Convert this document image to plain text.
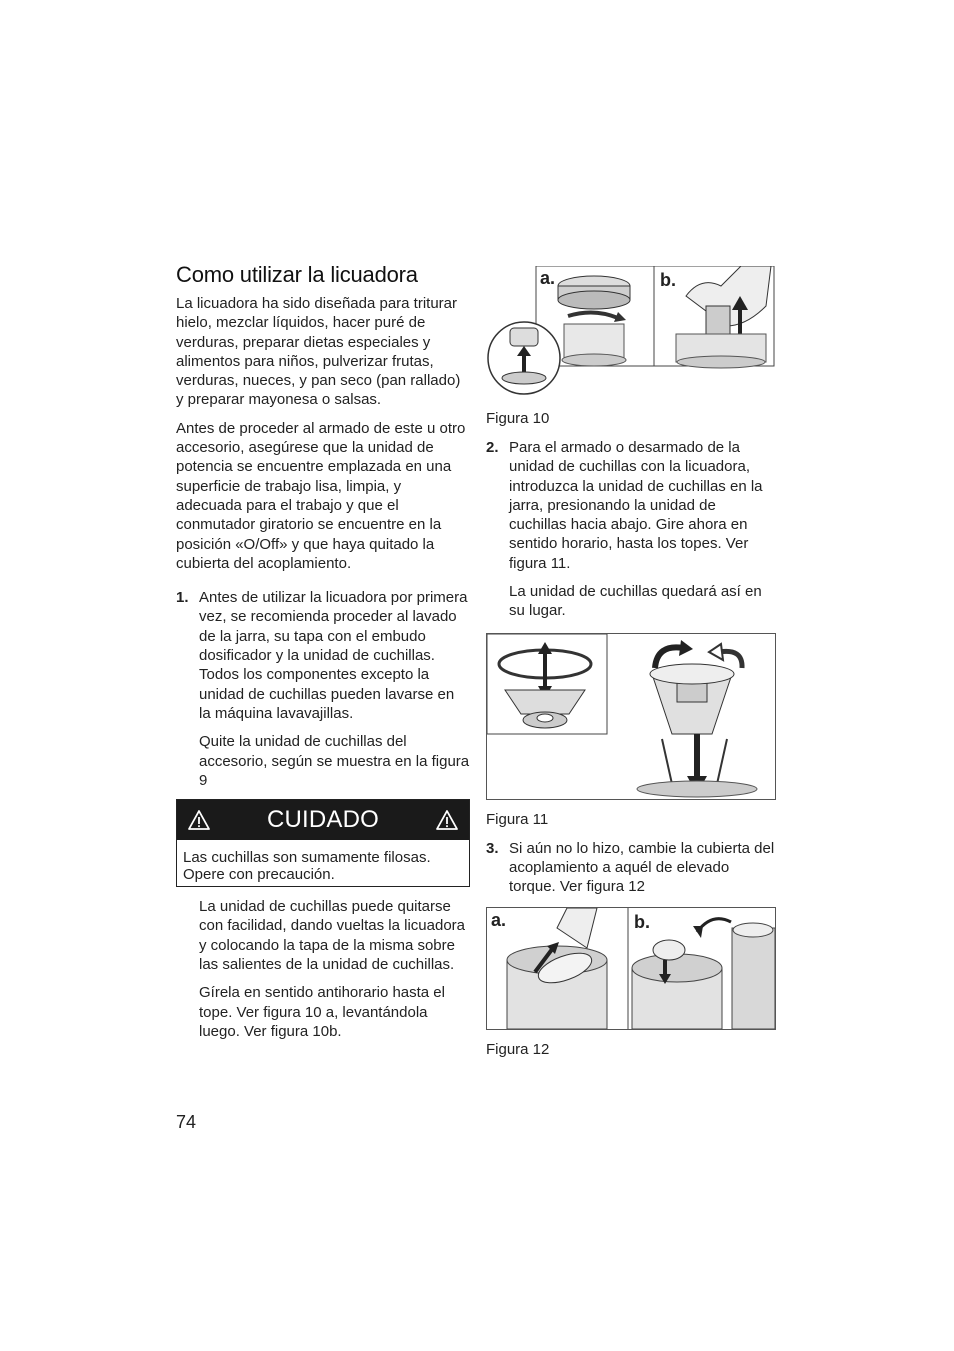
Como utilizar la licuadora

La licuadora ha sido diseñada para triturar hielo, mezclar líquidos, hacer puré de verduras, preparar dietas especiales y alimentos para niños, pulverizar frutas, verduras, nueces, y pan seco (pan rallado) y preparar mayonesa o salsas.

Antes de proceder al armado de este u otro accesorio, asegúrese que la unidad de potencia se encuentre emplazada en una superficie de trabajo lisa, limpia, y adecuada para el trabajo y que el conmutador giratorio se encuentre en la posición «O/Off» y que haya quitado la cubierta del acoplamiento.

1. Antes de utilizar la licuadora por primera vez, se recomienda proceder al lavado de la jarra, su tapa con el embudo dosificador y la unidad de cuchillas. Todos los componentes excepto la unidad de cuchillas pueden lavarse en la máquina lavavajillas.

Quite la unidad de cuchillas del accesorio, según se muestra en la figura 9

CUIDADO

Las cuchillas son sumamente filosas. Opere con precaución.

La unidad de cuchillas puede quitarse con facilidad, dando vueltas la licuadora y colocando la tapa de la misma sobre las salientes de la unidad de cuchillas.

Gírela en sentido antihorario hasta el tope. Ver figura 10 a, levantándola luego. Ver figura 10b.

a.	b.

Figura 10

2. Para el armado o desarmado de la unidad de cuchillas con la licuadora, introduzca la unidad de cuchillas en la jarra, presionando la unidad de cuchillas hacia abajo. Gire ahora en sentido horario, hasta los topes. Ver figura 11.

La unidad de cuchillas quedará así en su lugar.

Figura 11

3. Si aún no lo hizo, cambie la cubierta del acoplamiento a aquél de elevado torque. Ver figura 12

a.	b.

Figura 12

74
